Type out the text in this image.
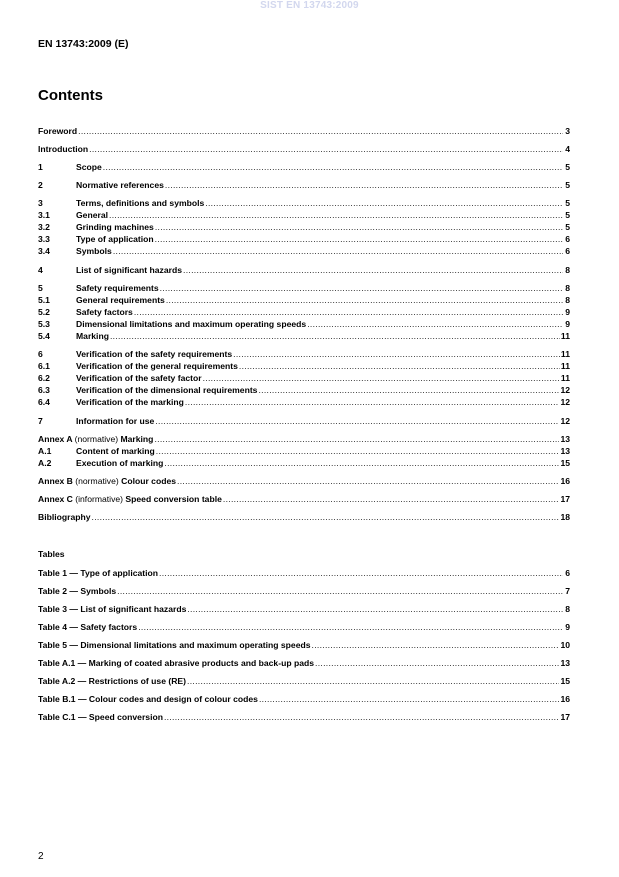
SIST EN 13743:2009
EN 13743:2009 (E)
Contents
Foreword .....	3
Introduction .....	4
1	Scope .....	5
2	Normative references .....	5
3	Terms, definitions and symbols .....	5
3.1	General .....	5
3.2	Grinding machines .....	5
3.3	Type of application .....	6
3.4	Symbols .....	6
4	List of significant hazards .....	8
5	Safety requirements .....	8
5.1	General requirements .....	8
5.2	Safety factors .....	9
5.3	Dimensional limitations and maximum operating speeds .....	9
5.4	Marking .....	11
6	Verification of the safety requirements .....	11
6.1	Verification of the general requirements .....	11
6.2	Verification of the safety factor .....	11
6.3	Verification of the dimensional requirements .....	12
6.4	Verification of the marking .....	12
7	Information for use .....	12
Annex A (normative) Marking .....	13
A.1	Content of marking .....	13
A.2	Execution of marking .....	15
Annex B (normative) Colour codes .....	16
Annex C (informative) Speed conversion table .....	17
Bibliography .....	18
Tables
Table 1 — Type of application .....	6
Table 2 — Symbols .....	7
Table 3 — List of significant hazards .....	8
Table 4 — Safety factors .....	9
Table 5 — Dimensional limitations and maximum operating speeds .....	10
Table A.1 — Marking of coated abrasive products and back-up pads .....	13
Table A.2 — Restrictions of use (RE) .....	15
Table B.1 — Colour codes and design of colour codes .....	16
Table C.1 — Speed conversion .....	17
2
